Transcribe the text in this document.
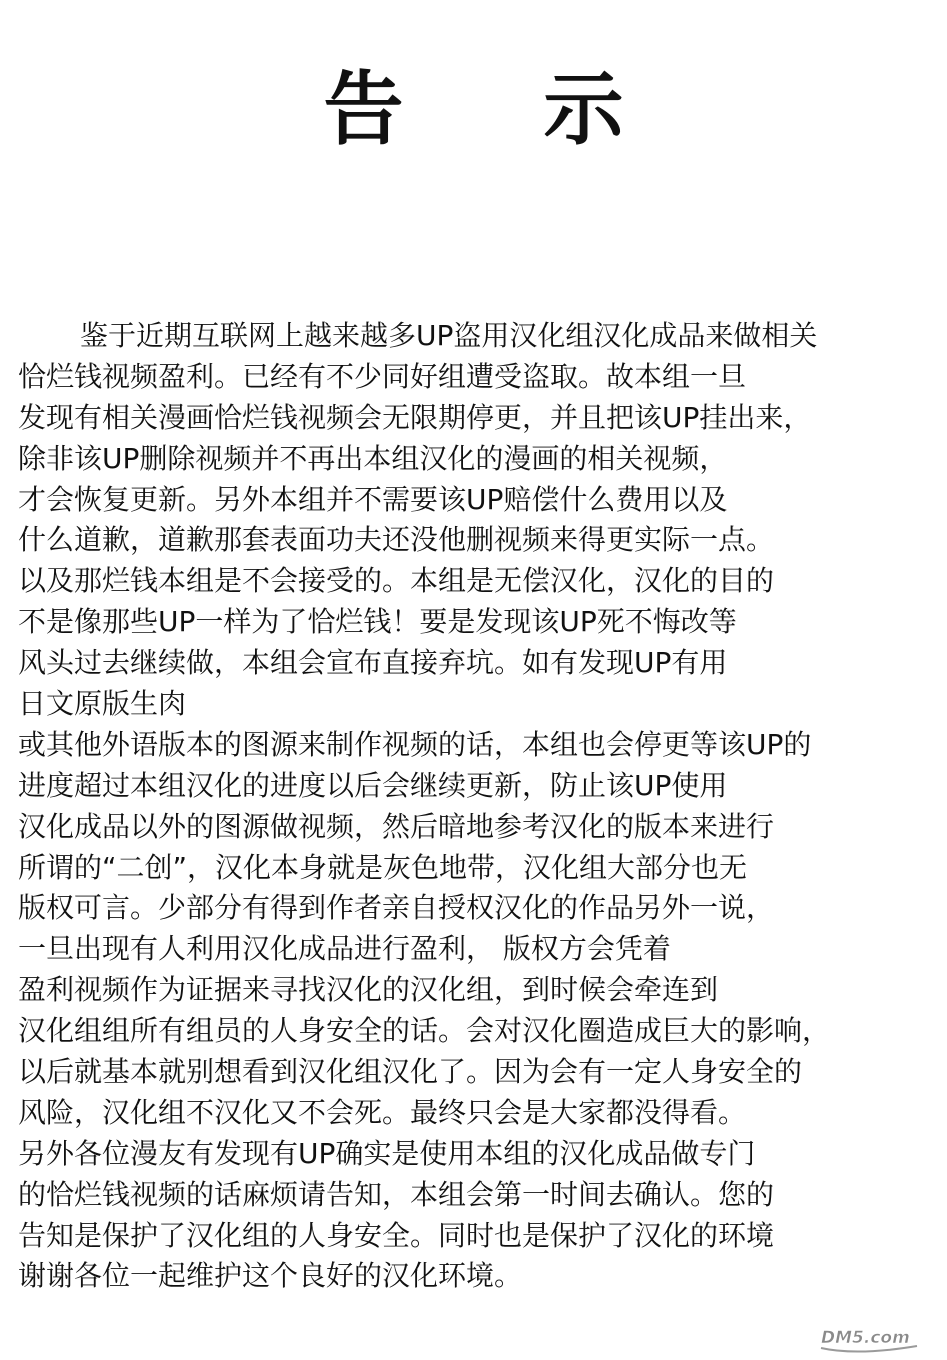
告示
鉴于近期互联网上越来越多UP盗用汉化组汉化成品来做相关
恰烂钱视频盈利。已经有不少同好组遭受盗取。故本组一旦
发现有相关漫画恰烂钱视频会无限期停更，并且把该UP挂出来，
除非该UP删除视频并不再出本组汉化的漫画的相关视频，
才会恢复更新。另外本组并不需要该UP赔偿什么费用以及
什么道歉，道歉那套表面功夫还没他删视频来得更实际一点。
以及那烂钱本组是不会接受的。本组是无偿汉化，汉化的目的
不是像那些UP一样为了恰烂钱！要是发现该UP死不悔改等
风头过去继续做，本组会宣布直接弃坑。如有发现UP有用
日文原版生肉
或其他外语版本的图源来制作视频的话，本组也会停更等该UP的
进度超过本组汉化的进度以后会继续更新，防止该UP使用
汉化成品以外的图源做视频，然后暗地参考汉化的版本来进行
所谓的“二创”，汉化本身就是灰色地带，汉化组大部分也无
版权可言。少部分有得到作者亲自授权汉化的作品另外一说，
一旦出现有人利用汉化成品进行盈利， 版权方会凭着
盈利视频作为证据来寻找汉化的汉化组，到时候会牵连到
汉化组组所有组员的人身安全的话。会对汉化圈造成巨大的影响，
以后就基本就别想看到汉化组汉化了。因为会有一定人身安全的
风险，汉化组不汉化又不会死。最终只会是大家都没得看。
另外各位漫友有发现有UP确实是使用本组的汉化成品做专门
的恰烂钱视频的话麻烦请告知，本组会第一时间去确认。您的
告知是保护了汉化组的人身安全。同时也是保护了汉化的环境
谢谢各位一起维护这个良好的汉化环境。
DM5.com
